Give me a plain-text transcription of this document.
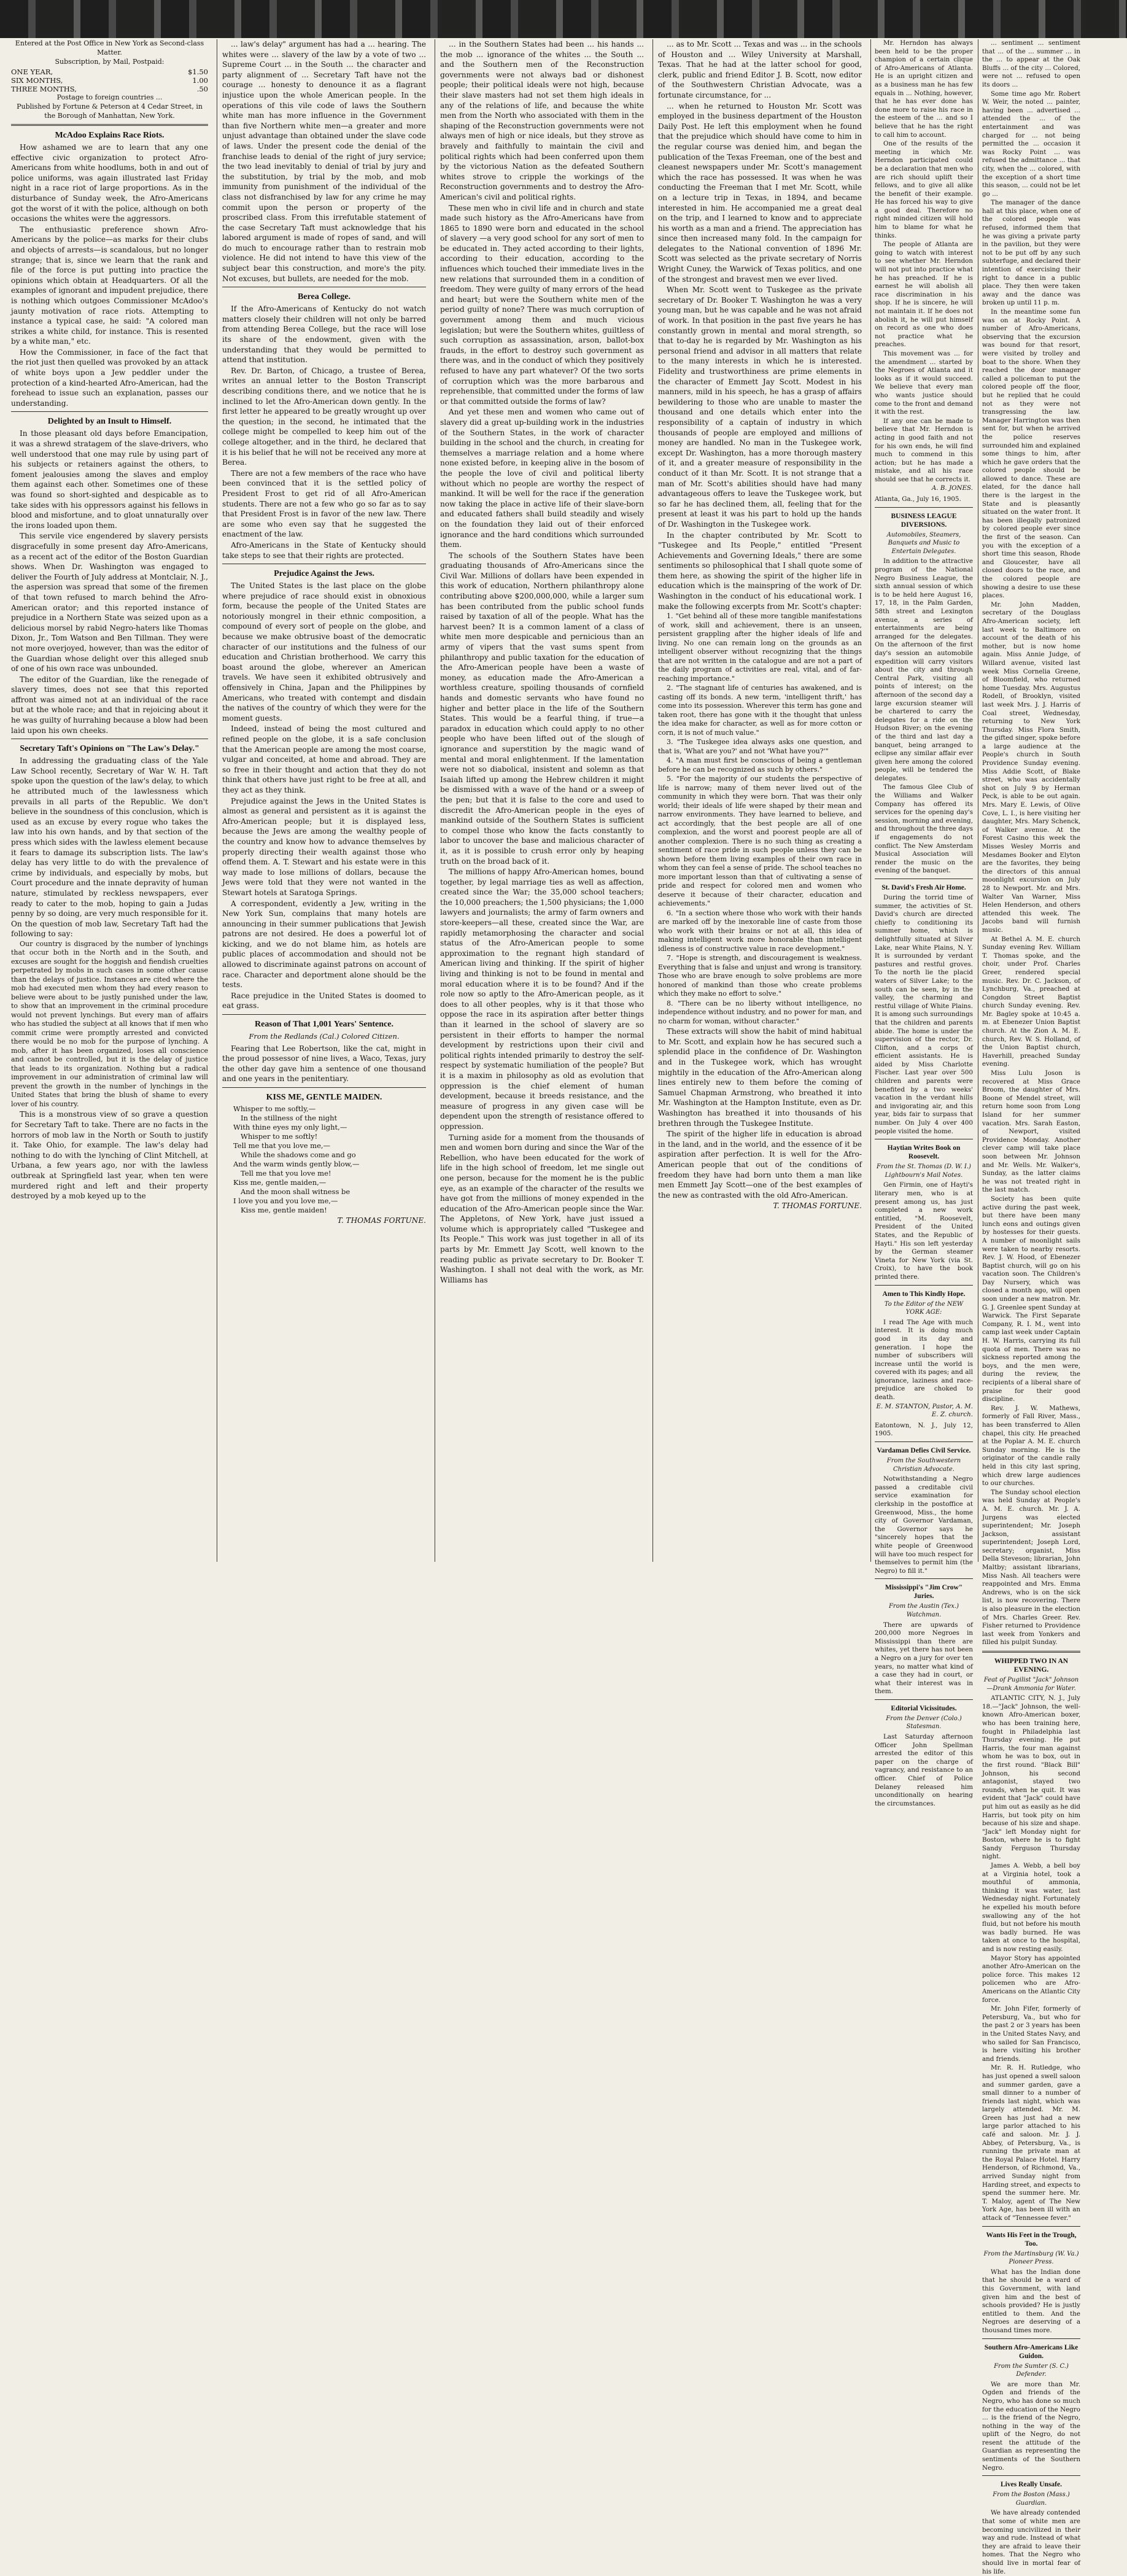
Entered at the Post Office in New York as Second-class Matter.

Subscription, by Mail, Postpaid:

ONE YEAR,	$1.50
SIX MONTHS,	1.00
THREE MONTHS,	.50

Postage to foreign countries ...

Published by Fortune & Peterson at 4 Cedar Street, in the Borough of Manhattan, New York.

McAdoo Explains Race Riots.

How ashamed we are to learn that any one effective civic organization to protect Afro-Americans from white hoodlums, both in and out of police uniforms, was again illustrated last Friday night in a race riot of large proportions. As in the disturbance of Sunday week, the Afro-Americans got the worst of it with the police, although on both occasions the whites were the aggressors.

The enthusiastic preference shown Afro-Americans by the police—as marks for their clubs and objects of arrests—is scandalous, but no longer strange; that is, since we learn that the rank and file of the force is put putting into practice the opinions which obtain at Headquarters. Of all the examples of ignorant and impudent prejudice, there is nothing which outgoes Commissioner McAdoo's jaunty motivation of race riots. Attempting to instance a typical case, he said: "A colored man strikes a white child, for instance. This is resented by a white man," etc.

How the Commissioner, in face of the fact that the riot just then quelled was provoked by an attack of white boys upon a Jew peddler under the protection of a kind-hearted Afro-American, had the forehead to issue such an explanation, passes our understanding.

Delighted by an Insult to Himself.

In those pleasant old days before Emancipation, it was a shrewd stratagem of the slave-drivers, who well understood that one may rule by using part of his subjects or retainers against the others, to foment jealousies among the slaves and employ them against each other. Sometimes one of these was found so short-sighted and despicable as to take sides with his oppressors against his fellows in blood and misfortune, and to gloat unnaturally over the irons loaded upon them.

This servile vice engendered by slavery persists disgracefully in some present day Afro-Americans, as a recent act of the editor of the Boston Guardian shows. When Dr. Washington was engaged to deliver the Fourth of July address at Montclair, N. J., the aspersion was spread that some of the firemen of that town refused to march behind the Afro-American orator; and this reported instance of prejudice in a Northern State was seized upon as a delicious morsel by rabid Negro-haters like Thomas Dixon, Jr., Tom Watson and Ben Tillman. They were not more overjoyed, however, than was the editor of the Guardian whose delight over this alleged snub of one of his own race was unbounded.

The editor of the Guardian, like the renegade of slavery times, does not see that this reported affront was aimed not at an individual of the race but at the whole race; and that in rejoicing about it he was guilty of hurrahing because a blow had been laid upon his own cheeks.

Secretary Taft's Opinions on "The Law's Delay."

In addressing the graduating class of the Yale Law School recently, Secretary of War W. H. Taft spoke upon the question of the law's delay, to which he attributed much of the lawlessness which prevails in all parts of the Republic. We don't believe in the soundness of this conclusion, which is used as an excuse by every rogue who takes the law into his own hands, and by that section of the press which sides with the lawless element because it fears to damage its subscription lists. The law's delay has very little to do with the prevalence of crime by individuals, and especially by mobs, but Court procedure and the innate depravity of human nature, stimulated by reckless newspapers, ever ready to cater to the mob, hoping to gain a Judas penny by so doing, are very much responsible for it. On the question of mob law, Secretary Taft had the following to say:

Our country is disgraced by the number of lynchings that occur both in the North and in the South, and excuses are sought for the hoggish and fiendish cruelties perpetrated by mobs in such cases in some other cause than the delays of justice. Instances are cited where the mob had executed men whom they had every reason to believe were about to be justly punished under the law, to show that an improvement in the criminal procedure would not prevent lynchings. But every man of affairs who has studied the subject at all knows that if men who commit crime were promptly arrested and convicted there would be no mob for the purpose of lynching. A mob, after it has been organized, loses all conscience and cannot be controlled, but it is the delay of justice that leads to its organization. Nothing but a radical improvement in our administration of criminal law will prevent the growth in the number of lynchings in the United States that bring the blush of shame to every lover of his country.

This is a monstrous view of so grave a question for Secretary Taft to take. There are no facts in the horrors of mob law in the North or South to justify it. Take Ohio, for example. The law's delay had nothing to do with the lynching of Clint Mitchell, at Urbana, a few years ago, nor with the lawless outbreak at Springfield last year, when ten were murdered right and left and their property destroyed by a mob keyed up to the

... law's delay" argument has had a ... hearing. The whites were ... slavery of the law by a vote of two ... Supreme Court ... in the South ... the character and party alignment of ... Secretary Taft have not the courage ... honesty to denounce it as a flagrant injustice upon the whole American people. In the operations of this vile code of laws the Southern white man has more influence in the Government than five Northern white men—a greater and more unjust advantage than obtained under the slave code of laws. Under the present code the denial of the franchise leads to denial of the right of jury service; the two lead inevitably to denial of trial by jury and the substitution, by trial by the mob, and mob immunity from punishment of the individual of the class not disfranchised by law for any crime he may commit upon the person or property of the proscribed class. From this irrefutable statement of the case Secretary Taft must acknowledge that his labored argument is made of ropes of sand, and will do much to encourage rather than to restrain mob violence. He did not intend to have this view of the subject bear this construction, and more's the pity. Not excuses, but bullets, are needed for the mob.

Berea College.

If the Afro-Americans of Kentucky do not watch matters closely their children will not only be barred from attending Berea College, but the race will lose its share of the endowment, given with the understanding that they would be permitted to attend that institution.

Rev. Dr. Barton, of Chicago, a trustee of Berea, writes an annual letter to the Boston Transcript describing conditions there, and we notice that he is inclined to let the Afro-American down gently. In the first letter he appeared to be greatly wrought up over the question; in the second, he intimated that the college might be compelled to keep him out of the college altogether, and in the third, he declared that it is his belief that he will not be received any more at Berea.

There are not a few members of the race who have been convinced that it is the settled policy of President Frost to get rid of all Afro-American students. There are not a few who go so far as to say that President Frost is in favor of the new law. There are some who even say that he suggested the enactment of the law.

Afro-Americans in the State of Kentucky should take steps to see that their rights are protected.

Prejudice Against the Jews.

The United States is the last place on the globe where prejudice of race should exist in obnoxious form, because the people of the United States are notoriously mongrel in their ethnic composition, a compound of every sort of people on the globe, and because we make obtrusive boast of the democratic character of our institutions and the fulness of our education and Christian brotherhood. We carry this boast around the globe, wherever an American travels. We have seen it exhibited obtrusively and offensively in China, Japan and the Philippines by Americans, who treated with contempt and disdain the natives of the country of which they were for the moment guests.

Indeed, instead of being the most cultured and refined people on the globe, it is a safe conclusion that the American people are among the most coarse, vulgar and conceited, at home and abroad. They are so free in their thought and action that they do not think that others have just right to be free at all, and they act as they think.

Prejudice against the Jews in the United States is almost as general and persistent as it is against the Afro-American people; but it is displayed less, because the Jews are among the wealthy people of the country and know how to advance themselves by properly directing their wealth against those who offend them. A. T. Stewart and his estate were in this way made to lose millions of dollars, because the Jews were told that they were not wanted in the Stewart hotels at Saratoga Springs.

A correspondent, evidently a Jew, writing in the New York Sun, complains that many hotels are announcing in their summer publications that Jewish patrons are not desired. He does a powerful lot of kicking, and we do not blame him, as hotels are public places of accommodation and should not be allowed to discriminate against patrons on account of race. Character and deportment alone should be the tests.

Race prejudice in the United States is doomed to eat grass.

Reason of That 1,001 Years' Sentence.
From the Redlands (Cal.) Colored Citizen.

Fearing that Lee Robertson, like the cat, might in the proud possessor of nine lives, a Waco, Texas, jury the other day gave him a sentence of one thousand and one years in the penitentiary.

KISS ME, GENTLE MAIDEN.
Whisper to me softly,—
In the stillness of the night
With thine eyes my only light,—
Whisper to me softly!
Tell me that you love me,—
While the shadows come and go
And the warm winds gently blow,—
Tell me that you love me!
Kiss me, gentle maiden,—
And the moon shall witness be
I love you and you love me,—
Kiss me, gentle maiden!
T. THOMAS FORTUNE.

... in the Southern States had been ... his hands ... the mob ... ignorance of the whites ... the South ... and the Southern men of the Reconstruction governments were not always bad or dishonest people; their political ideals were not high, because their slave masters had not set them high ideals in any of the relations of life, and because the white men from the North who associated with them in the shaping of the Reconstruction governments were not always men of high or nice ideals, but they strove as bravely and faithfully to maintain the civil and political rights which had been conferred upon them by the victorious Nation as the defeated Southern whites strove to cripple the workings of the Reconstruction governments and to destroy the Afro-American's civil and political rights.

These men who in civil life and in church and state made such history as the Afro-Americans have from 1865 to 1890 were born and educated in the school of slavery —a very good school for any sort of men to be educated in. They acted according to their lights, according to their education, according to the influences which touched their immediate lives in the new relations that surrounded them in a condition of freedom. They were guilty of many errors of the head and heart; but were the Southern white men of the period guilty of none? There was much corruption of government among them and much vicious legislation; but were the Southern whites, guiltless of such corruption as assassination, arson, ballot-box frauds, in the effort to destroy such government as there was, and in the conduct of which they positively refused to have any part whatever? Of the two sorts of corruption which was the more barbarous and reprehensible, that committed under the forms of law or that committed outside the forms of law?

And yet these men and women who came out of slavery did a great up-building work in the industries of the Southern States, in the work of character building in the school and the church, in creating for themselves a marriage relation and a home where none existed before, in keeping alive in the bosom of the people the love of civil and political liberty without which no people are worthy the respect of mankind. It will be well for the race if the generation now taking the place in active life of their slave-born and educated fathers shall build steadily and wisely on the foundation they laid out of their enforced ignorance and the hard conditions which surrounded them.

The schools of the Southern States have been graduating thousands of Afro-Americans since the Civil War. Millions of dollars have been expended in this work of education, Northern philanthropy alone contributing above $200,000,000, while a larger sum has been contributed from the public school funds raised by taxation of all of the people. What has the harvest been? It is a common lament of a class of white men more despicable and pernicious than an army of vipers that the vast sums spent from philanthropy and public taxation for the education of the Afro-American people have been a waste of money, as education made the Afro-American a worthless creature, spoiling thousands of cornfield hands and domestic servants who have found no higher and better place in the life of the Southern States. This would be a fearful thing, if true—a paradox in education which could apply to no other people who have been lifted out of the slough of ignorance and superstition by the magic wand of mental and moral enlightenment. If the lamentation were not so diabolical, insistent and solemn as that Isaiah lifted up among the Hebrew children it might be dismissed with a wave of the hand or a sweep of the pen; but that it is false to the core and used to discredit the Afro-American people in the eyes of mankind outside of the Southern States is sufficient to compel those who know the facts constantly to labor to uncover the base and malicious character of it, as it is possible to crush error only by heaping truth on the broad back of it.

The millions of happy Afro-American homes, bound together, by legal marriage ties as well as affection, created since the War; the 35,000 school teachers; the 10,000 preachers; the 1,500 physicians; the 1,000 lawyers and journalists; the army of farm owners and store-keepers—all these, created since the War, are rapidly metamorphosing the character and social status of the Afro-American people to some approximation to the regnant high standard of American living and thinking. If the spirit of higher living and thinking is not to be found in mental and moral education where it is to be found? And if the role now so aptly to the Afro-American people, as it does to all other peoples, why is it that those who oppose the race in its aspiration after better things than it learned in the school of slavery are so persistent in their efforts to hamper the normal development by restrictions upon their civil and political rights intended primarily to destroy the self-respect by systematic humiliation of the people? But it is a maxim in philosophy as old as evolution that oppression is the chief element of human development, because it breeds resistance, and the measure of progress in any given case will be dependent upon the strength of resistance offered to oppression.

Turning aside for a moment from the thousands of men and women born during and since the War of the Rebellion, who have been educated for the work of life in the high school of freedom, let me single out one person, because for the moment he is the public eye, as an example of the character of the results we have got from the millions of money expended in the education of the Afro-American people since the War. The Appletons, of New York, have just issued a volume which is appropriately called "Tuskegee and Its People." This work was just together in all of its parts by Mr. Emmett Jay Scott, well known to the reading public as private secretary to Dr. Booker T. Washington. I shall not deal with the work, as Mr. Williams has

... as to Mr. Scott ... Texas and was ... in the schools of Houston and ... Wiley University at Marshall, Texas. That he had at the latter school for good, clerk, public and friend Editor J. B. Scott, now editor of the Southwestern Christian Advocate, was a fortunate circumstance, for ...

... when he returned to Houston Mr. Scott was employed in the business department of the Houston Daily Post. He left this employment when he found that the prejudice which should have come to him in the regular course was denied him, and began the publication of the Texas Freeman, one of the best and cleanest newspapers under Mr. Scott's management which the race has possessed. It was when he was conducting the Freeman that I met Mr. Scott, while on a lecture trip in Texas, in 1894, and became interested in him. He accompanied me a great deal on the trip, and I learned to know and to appreciate his worth as a man and a friend. The appreciation has since then increased many fold. In the campaign for delegates to the National convention of 1896 Mr. Scott was selected as the private secretary of Norris Wright Cuney, the Warwick of Texas politics, and one of the strongest and bravest men we ever lived.

When Mr. Scott went to Tuskegee as the private secretary of Dr. Booker T. Washington he was a very young man, but he was capable and he was not afraid of work. In that position in the past five years he has constantly grown in mental and moral strength, so that to-day he is regarded by Mr. Washington as his personal friend and advisor in all matters that relate to the many interests in which he is interested. Fidelity and trustworthiness are prime elements in the character of Emmett Jay Scott. Modest in his manners, mild in his speech, he has a grasp of affairs bewildering to those who are unable to master the thousand and one details which enter into the responsibility of a captain of industry in which thousands of people are employed and millions of money are handled. No man in the Tuskegee work, except Dr. Washington, has a more thorough mastery of it, and a greater measure of responsibility in the conduct of it than Mr. Scott. It is not strange that a man of Mr. Scott's abilities should have had many advantageous offers to leave the Tuskegee work, but so far he has declined them, all, feeling that for the present at least it was his part to hold up the hands of Dr. Washington in the Tuskegee work.

In the chapter contributed by Mr. Scott to "Tuskegee and Its People," entitled "Present Achievements and Governing Ideals," there are some sentiments so philosophical that I shall quote some of them here, as showing the spirit of the higher life in education which is the mainspring of the work of Dr. Washington in the conduct of his educational work. I make the following excerpts from Mr. Scott's chapter:

1. "Get behind all of these more tangible manifestations of work, skill and achievement, there is an unseen, persistent grappling after the higher ideals of life and living. No one can remain long on the grounds as an intelligent observer without recognizing that the things that are not written in the catalogue and are not a part of the daily program of activities are real, vital, and of far-reaching importance."

2. "The stagnant life of centuries has awakened, and is casting off its bonds. A new term, 'intelligent thrift,' has come into its possession. Wherever this term has gone and taken root, there has gone with it the thought that unless the idea make for character, as well as for more cotton or corn, it is not of much value."

3. "The Tuskegee idea always asks one question, and that is, 'What are you?' and not 'What have you?'"

4. "A man must first be conscious of being a gentleman before he can be recognized as such by others."

5. "For the majority of our students the perspective of life is narrow; many of them never lived out of the community in which they were born. That was their only world; their ideals of life were shaped by their mean and narrow environments. They have learned to believe, and act accordingly, that the best people are all of one complexion, and the worst and poorest people are all of another complexion. There is no such thing as creating a sentiment of race pride in such people unless they can be shown before them living examples of their own race in whom they can feel a sense of pride. The school teaches no more important lesson than that of cultivating a sense of pride and respect for colored men and women who deserve it because of their character, education and achievements."

6. "In a section where those who work with their hands are marked off by the inexorable line of caste from those who work with their brains or not at all, this idea of making intelligent work more honorable than intelligent idleness is of constructive value in race development."

7. "Hope is strength, and discouragement is weakness. Everything that is false and unjust and wrong is transitory. Those who are brave enough to solve problems are more honored of mankind than those who create problems which they make no effort to solve."

8. "There can be no liberty without intelligence, no independence without industry, and no power for man, and no charm for woman, without character."

These extracts will show the habit of mind habitual to Mr. Scott, and explain how he has secured such a splendid place in the confidence of Dr. Washington and in the Tuskegee work, which has wrought mightily in the education of the Afro-American along lines entirely new to them before the coming of Samuel Chapman Armstrong, who breathed it into Mr. Washington at the Hampton Institute, even as Dr. Washington has breathed it into thousands of his brethren through the Tuskegee Institute.

The spirit of the higher life in education is abroad in the land, and in the world, and the essence of it be aspiration after perfection. It is well for the Afro-American people that out of the conditions of freedom they have had born unto them a man like men Emmett Jay Scott—one of the best examples of the new as contrasted with the old Afro-American.

T. THOMAS FORTUNE.

Mr. Herndon has always been held to be the proper champion of a certain clique of Afro-Americans of Atlanta. He is an upright citizen and as a business man he has few equals in ... Nothing, however, that he has ever done has done more to raise his race in the esteem of the ... and so I believe that he has the right to call him to account.

One of the results of the meeting in which Mr. Herndon participated could be a declaration that men who are rich should uplift their fellows, and to give all alike the benefit of their example. He has forced his way to give a good deal. Therefore no right minded citizen will hold him to blame for what he thinks.

The people of Atlanta are going to watch with interest to see whether Mr. Herndon will not put into practice what he has preached. If he is earnest he will abolish all race discrimination in his shop. If he is sincere, he will not maintain it. If he does not abolish it, he will put himself on record as one who does not practice what he preaches.

This movement was ... for the amendment ... started by the Negroes of Atlanta and it looks as if it would succeed. We believe that every man who wants justice should come to the front and demand it with the rest.

If any one can be made to believe that Mr. Herndon is acting in good faith and not for his own ends, he will find much to commend in this action; but he has made a mistake, and all his race should see that he corrects it.

A. B. JONES.

Atlanta, Ga., July 16, 1905.

BUSINESS LEAGUE DIVERSIONS.
Automobiles, Steamers, Banquets and Music to Entertain Delegates.

In addition to the attractive program of the National Negro Business League, the sixth annual session of which is to be held here August 16, 17, 18, in the Palm Garden, 58th street and Lexington avenue, a series of entertainments are being arranged for the delegates. On the afternoon of the first day's session an automobile expedition will carry visitors about the city and through Central Park, visiting all points of interest; on the afternoon of the second day a large excursion steamer will be chartered to carry the delegates for a ride on the Hudson River; on the evening of the third and last day a banquet, being arranged to eclipse any similar affair ever given here among the colored people, will be tendered the delegates.

The famous Glee Club of the Williams and Walker Company has offered its services for the opening day's session, morning and evening, and throughout the three days if engagements do not conflict. The New Amsterdam Musical Association will render the music on the evening of the banquet.

St. David's Fresh Air Home.

During the torrid time of summer, the activities of St. David's church are directed chiefly to conditioning its summer home, which is delightfully situated at Silver Lake, near White Plains, N. Y. It is surrounded by verdant pastures and restful groves. To the north lie the placid waters of Silver Lake; to the south can be seen, by in the valley, the charming and restful village of White Plains. It is among such surroundings that the children and parents abide. The home is under the supervision of the rector, Dr. Clifton, and a corps of efficient assistants. He is aided by Miss Charlotte Fischer. Last year over 500 children and parents were benefited by a two weeks' vacation in the verdant hills and invigorating air, and this year, bids fair to surpass that number. On July 4 over 400 people visited the home.

Haytian Writes Book on Roosevelt.
From the St. Thomas (D. W. I.) Lightbourn's Mail Notes.

Gen Firmin, one of Hayti's literary men, who is at present among us, has just completed a new work entitled, "M. Roosevelt, President of the United States, and the Republic of Hayti." His son left yesterday by the German steamer Vineta for New York (via St. Croix), to have the book printed there.

Amen to This Kindly Hope.
To the Editor of the NEW YORK AGE:

I read The Age with much interest. It is doing much good in its day and generation. I hope the number of subscribers will increase until the world is covered with its pages; and all ignorance, laziness and race-prejudice are choked to death.

E. M. STANTON, Pastor, A. M. E. Z. church.

Eatontown, N. J., July 12, 1905.

Vardaman Defies Civil Service.
From the Southwestern Christian Advocate.

Notwithstanding a Negro passed a creditable civil service examination for clerkship in the postoffice at Greenwood, Miss., the home city of Governor Vardaman, the Governor says he "sincerely hopes that the white people of Greenwood will have too much respect for themselves to permit him (the Negro) to fill it."

Mississippi's "Jim Crow" Juries.
From the Austin (Tex.) Watchman.

There are upwards of 200,000 more Negroes in Mississippi than there are whites, yet there has not been a Negro on a jury for over ten years, no matter what kind of a case they had in court, or what their interest was in them.

Editorial Vicissitudes.
From the Denver (Colo.) Statesman.

Last Saturday afternoon Officer John Spellman arrested the editor of this paper on the charge of vagrancy, and resistance to an officer. Chief of Police Delaney released him unconditionally on hearing the circumstances.

... sentiment ... sentiment that ... of the ... summer ... in the ... to appear at the Oak Bluffs ... of the city ... Colored, were not ... refused to open its doors ...

Some time ago Mr. Robert W. Weir, the noted ... painter, having been ... advertised ... attended the ... of the entertainment and was charged for ... not being permitted the ... occasion it was Rocky Point ... was refused the admittance ... that city, when the ... colored, with the exception of a short time this season, ... could not be let go ...

The manager of the dance hall at this place, when one of the colored people was refused, informed them that he was giving a private party in the pavilion, but they were not to be put off by any such subterfuge, and declared their intention of exercising their right to dance in a public place. They then were taken away and the dance was broken up until 11 p. m.

In the meantime some fun was on at Rocky Point. A number of Afro-Americans, observing that the excursion was bound for that resort, were visited by trolley and boat to the shore. When they reached the door manager called a policeman to put the colored people off the floor, but he replied that he could not as they were not transgressing the law. Manager Harrington was then sent for, but when he arrived the police reserves surrounded him and explained some things to him, after which he gave orders that the colored people should be allowed to dance. These are elated, for the dance hall there is the largest in the State and is pleasantly situated on the water front. It has been illegally patronized by colored people ever since the first of the season. Can you with the exception of a short time this season, Rhode and Gloucester, have all closed doors to the race, and the colored people are showing a desire to use these places.

Mr. John Madden, secretary of the Douglass Afro-American society, left last week to Baltimore on account of the death of his mother, but is now home again. Miss Annie Judge, of Willard avenue, visited last week Miss Cornelia Greene, of Bloomfield, who returned home Tuesday. Mrs. Augustus Rodell, of Brooklyn, visited last week Mrs. J. J. Harris of Coal street, Wednesday, returning to New York Thursday. Miss Flora Smith, the gifted singer, spoke before a large audience at the People's church in South Providence Sunday evening. Miss Addie Scott, of Blake street, who was accidentally shot on July 9 by Herman Peck, is able to be out again. Mrs. Mary E. Lewis, of Olive Cove, L. I., is here visiting her daughter, Mrs. Mary Schenck, of Walker avenue. At the Forest Casino this week the Misses Wesley Morris and Mesdames Booker and Elyton are the favorites, they being the directors of this annual moonlight excursion on July 28 to Newport. Mr. and Mrs. Walter Van Warner, Miss Helen Henderson, and others attended this week. The Jacobs band will furnish music.

At Bethel A. M. E. church Sunday evening Rev. William T. Thomas spoke, and the choir, under Prof. Charles Greer, rendered special music. Rev. Dr. C. Jackson, of Lynchburg, Va., preached at Congdon Street Baptist church Sunday evening. Rev. Mr. Bagley spoke at 10:45 a. m. at Ebenezer Union Baptist church. At the Zion A. M. E. church, Rev. W. S. Holland, of the Union Baptist church, Haverhill, preached Sunday evening.

Miss Lulu Joson is recovered at Miss Grace Broom, the daughter of Mrs. Boone of Mendel street, will return home soon from Long Island for her summer vacation. Mrs. Sarah Easton, of Newport, visited Providence Monday. Another clever camp will take place soon between Mr. Johnson and Mr. Wells. Mr. Walker's, Sunday, as the latter claims he was not treated right in the last match.

Society has been quite active during the past week, but there have been many lunch eons and outings given by hostesses for their guests. A number of moonlight sails were taken to nearby resorts. Rev. J. W. Hood, of Ebenezer Baptist church, will go on his vacation soon. The Children's Day Nursery, which was closed a month ago, will open soon under a new matron. Mr. G. J. Greenlee spent Sunday at Warwick. The First Separate Company, R. I. M., went into camp last week under Captain H. W. Harris, carrying its full quota of men. There was no sickness reported among the boys, and the men were, during the review, the recipients of a liberal share of praise for their good discipline.

Rev. J. W. Mathews, formerly of Fall River, Mass., has been transferred to Allen chapel, this city. He preached at the Poplar A. M. E. church Sunday morning. He is the originator of the candle rally held in this city last spring, which drew large audiences to our churches.

The Sunday school election was held Sunday at People's A. M. E. church. Mr. J. A. Jurgens was elected superintendent; Mr. Joseph Jackson, assistant superintendent; Joseph Lord, secretary; organist, Miss Della Steveson; librarian, John Maltby; assistant librarians, Miss Nash. All teachers were reappointed and Mrs. Emma Andrews, who is on the sick list, is now recovering. There is also pleasure in the election of Mrs. Charles Greer. Rev. Fisher returned to Providence last week from Yonkers and filled his pulpit Sunday.

WHIPPED TWO IN AN EVENING.
Feat of Pugilist "Jack" Johnson—Drank Ammonia for Water.

ATLANTIC CITY, N. J., July 18.—"Jack" Johnson, the well-known Afro-American boxer, who has been training here, fought in Philadelphia last Thursday evening. He put Harris, the four man against whom he was to box, out in the first round. "Black Bill" Johnson, his second antagonist, stayed two rounds, when he quit. It was evident that "Jack" could have put him out as easily as he did Harris, but took pity on him because of his size and shape. "Jack" left Monday night for Boston, where he is to fight Sandy Ferguson Thursday night.

James A. Webb, a bell boy at a Virginia hotel, took a mouthful of ammonia, thinking it was water, last Wednesday night. Fortunately he expelled his mouth before swallowing any of the hot fluid, but not before his mouth was badly burned. He was taken at once to the hospital, and is now resting easily.

Mayor Story has appointed another Afro-American on the police force. This makes 12 policemen who are Afro-Americans on the Atlantic City force.

Mr. John Fifer, formerly of Petersburg, Va., but who for the past 2 or 3 years has been in the United States Navy, and who sailed for San Francisco, is here visiting his brother and friends.

Mr. R. H. Rutledge, who has just opened a swell saloon and summer garden, gave a small dinner to a number of friends last night, which was largely attended. Mr. M. Green has just had a new large parlor attached to his café and saloon. Mr. J. J. Abbey, of Petersburg, Va., is running the private man at the Royal Palace Hotel. Harry Henderson, of Richmond, Va., arrived Sunday night from Harding street, and expects to spend the summer here. Mr. T. Maloy, agent of The New York Age, has been ill with an attack of "Tennessee fever."

Wants His Feet in the Trough, Too.
From the Martinsburg (W. Va.) Pioneer Press.

What has the Indian done that he should be a ward of this Government, with land given him and the best of schools provided? He is justly entitled to them. And the Negroes are deserving of a thousand times more.

Southern Afro-Americans Like Guidon.
From the Sumter (S. C.) Defender.

We are more than Mr. Ogden and friends of the Negro, who has done so much for the education of the Negro ... is the friend of the Negro, nothing in the way of the uplift of the Negro, do not resent the attitude of the Guardian as representing the sentiments of the Southern Negro.

Lives Really Unsafe.
From the Boston (Mass.) Guardian.

We have already contended that some of white men are becoming uncivilized in their way and rude. Instead of what they are afraid to leave their homes. That the Negro who should live in mortal fear of his life.
